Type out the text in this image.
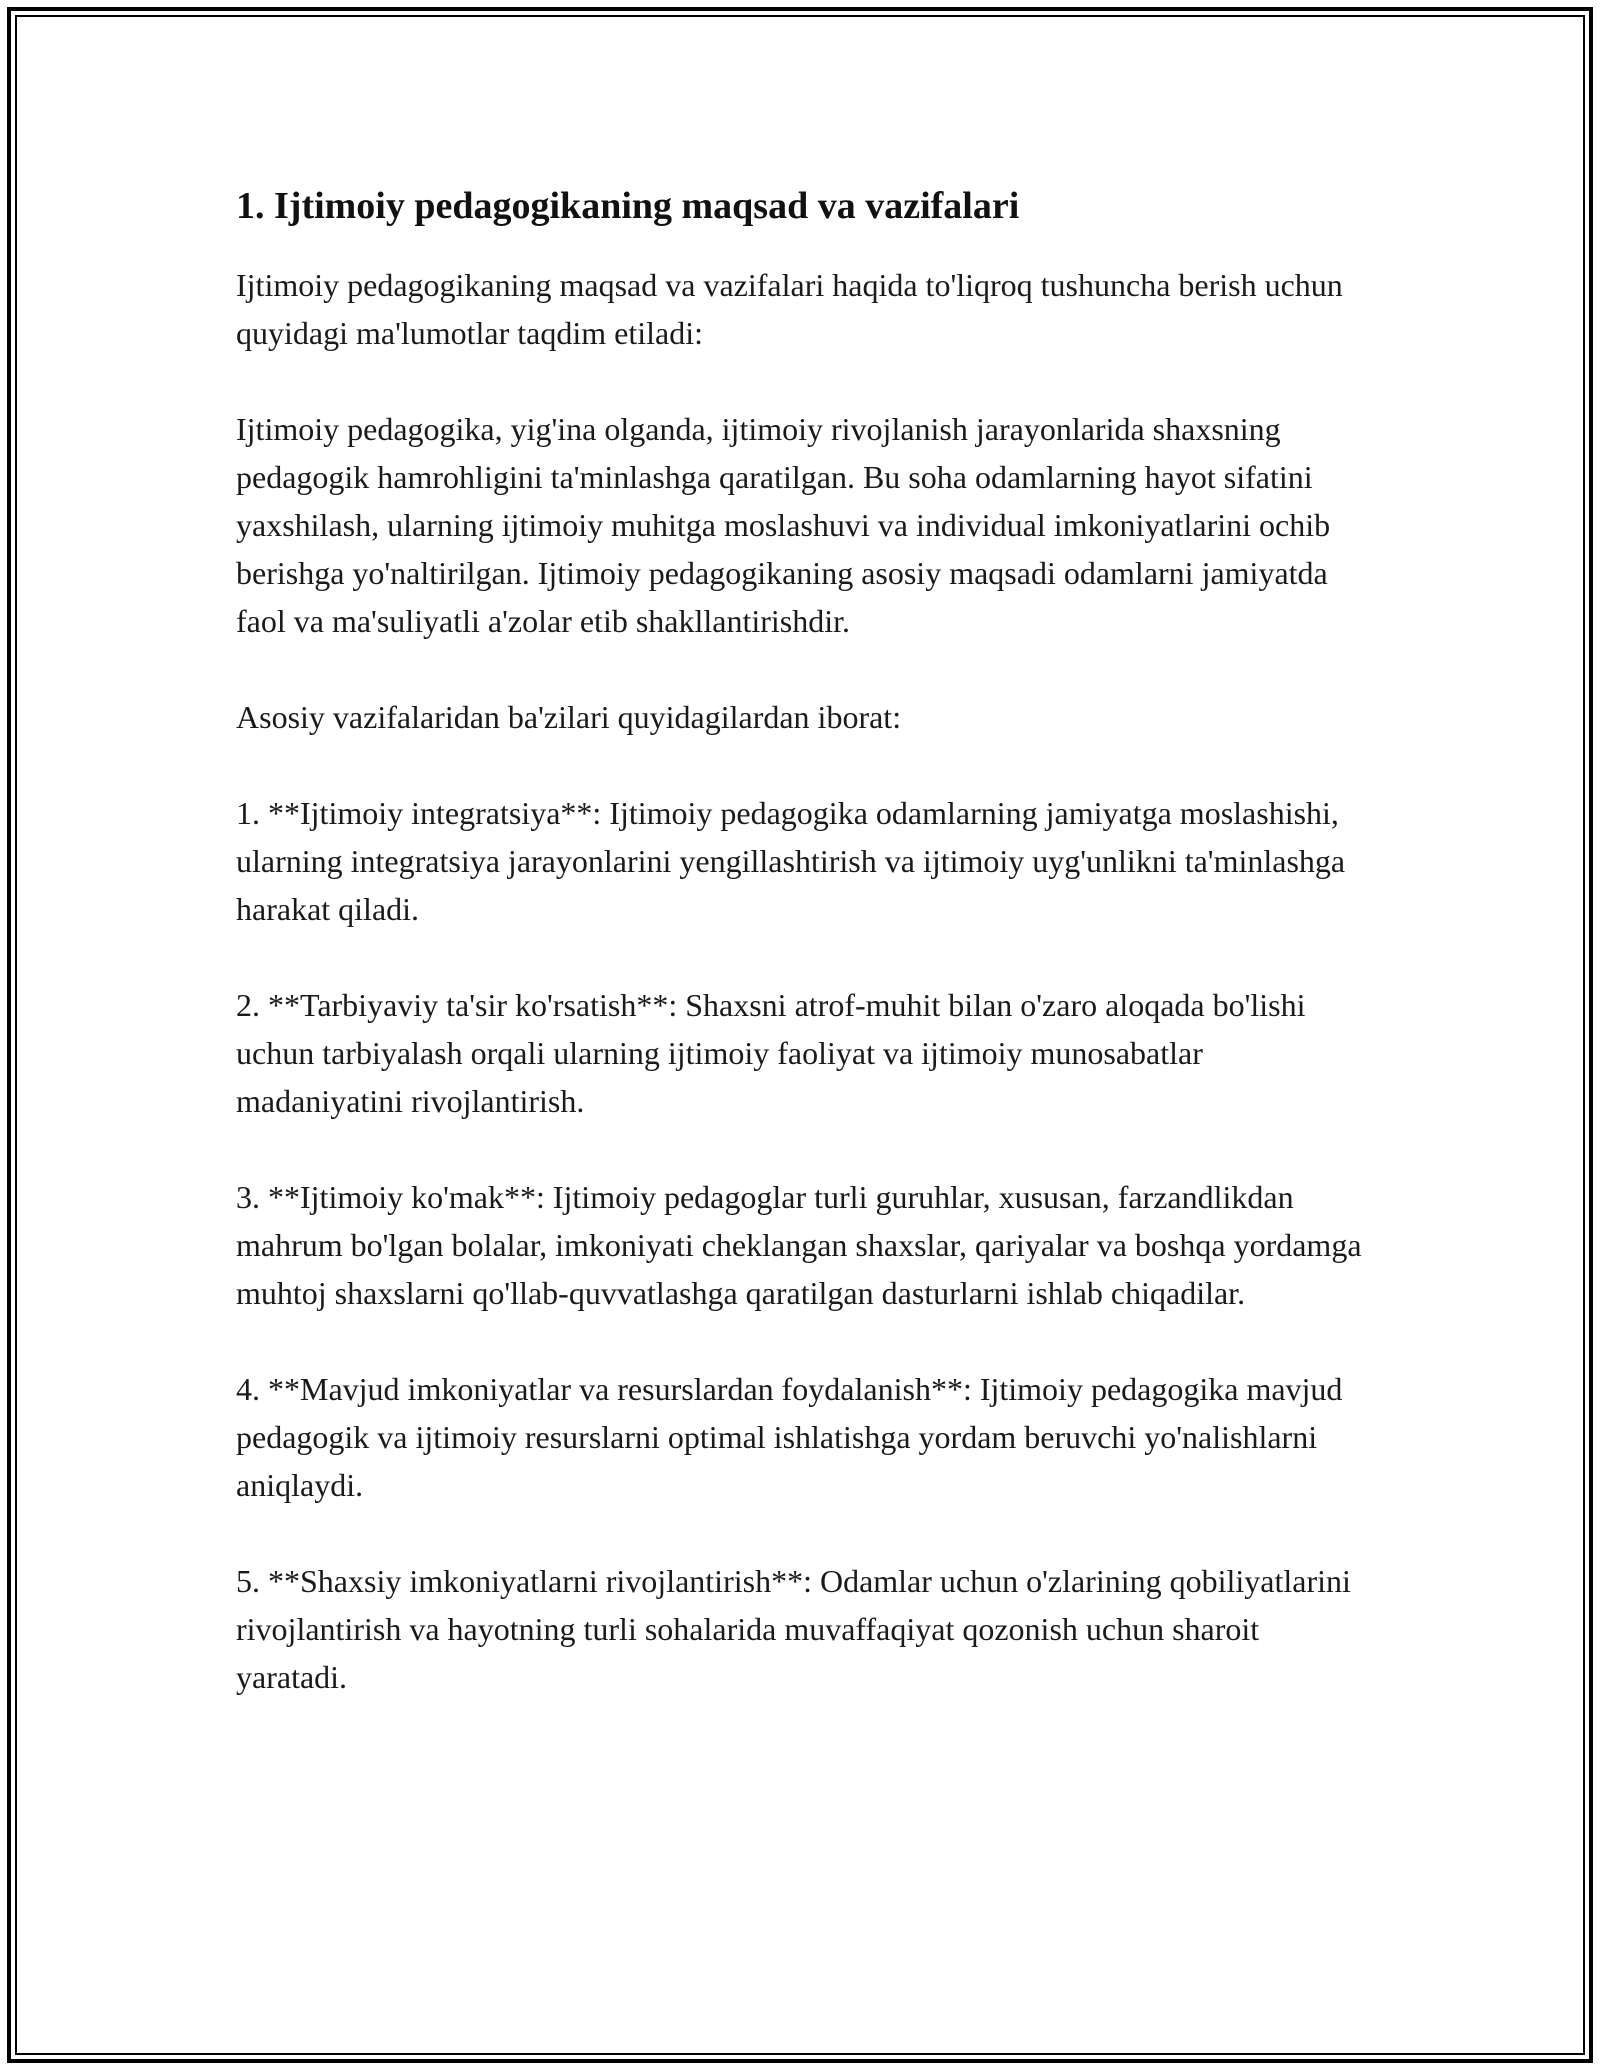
1. Ijtimoiy pedagogikaning maqsad va vazifalari

Ijtimoiy pedagogikaning maqsad va vazifalari haqida to'liqroq tushuncha berish uchun quyidagi ma'lumotlar taqdim etiladi:

Ijtimoiy pedagogika, yig'ina olganda, ijtimoiy rivojlanish jarayonlarida shaxsning pedagogik hamrohligini ta'minlashga qaratilgan. Bu soha odamlarning hayot sifatini yaxshilash, ularning ijtimoiy muhitga moslashuvi va individual imkoniyatlarini ochib berishga yo'naltirilgan. Ijtimoiy pedagogikaning asosiy maqsadi odamlarni jamiyatda faol va ma'suliyatli a'zolar etib shakllantirishdir.

Asosiy vazifalaridan ba'zilari quyidagilardan iborat:

1. **Ijtimoiy integratsiya**: Ijtimoiy pedagogika odamlarning jamiyatga moslashishi, ularning integratsiya jarayonlarini yengillashtirish va ijtimoiy uyg'unlikni ta'minlashga harakat qiladi.

2. **Tarbiyaviy ta'sir ko'rsatish**: Shaxsni atrof-muhit bilan o'zaro aloqada bo'lishi uchun tarbiyalash orqali ularning ijtimoiy faoliyat va ijtimoiy munosabatlar madaniyatini rivojlantirish.

3. **Ijtimoiy ko'mak**: Ijtimoiy pedagoglar turli guruhlar, xususan, farzandlikdan mahrum bo'lgan bolalar, imkoniyati cheklangan shaxslar, qariyalar va boshqa yordamga muhtoj shaxslarni qo'llab-quvvatlashga qaratilgan dasturlarni ishlab chiqadilar.

4. **Mavjud imkoniyatlar va resurslardan foydalanish**: Ijtimoiy pedagogika mavjud pedagogik va ijtimoiy resurslarni optimal ishlatishga yordam beruvchi yo'nalishlarni aniqlaydi.

5. **Shaxsiy imkoniyatlarni rivojlantirish**: Odamlar uchun o'zlarining qobiliyatlarini rivojlantirish va hayotning turli sohalarida muvaffaqiyat qozonish uchun sharoit yaratadi.
